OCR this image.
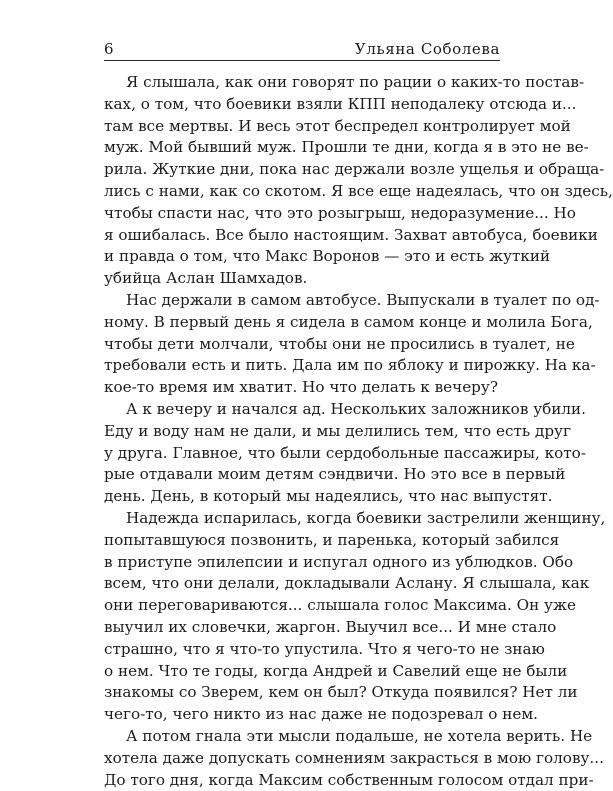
6	Ульяна Соболева
Я слышала, как они говорят по рации о каких-то постав-
ках, о том, что боевики взяли КПП неподалеку отсюда и...
там все мертвы. И весь этот беспредел контролирует мой
муж. Мой бывший муж. Прошли те дни, когда я в это не ве-
рила. Жуткие дни, пока нас держали возле ущелья и обраща-
лись с нами, как со скотом. Я все еще надеялась, что он здесь,
чтобы спасти нас, что это розыгрыш, недоразумение... Но
я ошибалась. Все было настоящим. Захват автобуса, боевики
и правда о том, что Макс Воронов — это и есть жуткий
убийца Аслан Шамхадов.
Нас держали в самом автобусе. Выпускали в туалет по од-
ному. В первый день я сидела в самом конце и молила Бога,
чтобы дети молчали, чтобы они не просились в туалет, не
требовали есть и пить. Дала им по яблоку и пирожку. На ка-
кое-то время им хватит. Но что делать к вечеру?
А к вечеру и начался ад. Нескольких заложников убили.
Еду и воду нам не дали, и мы делились тем, что есть друг
у друга. Главное, что были сердобольные пассажиры, кото-
рые отдавали моим детям сэндвичи. Но это все в первый
день. День, в который мы надеялись, что нас выпустят.
Надежда испарилась, когда боевики застрелили женщину,
попытавшуюся позвонить, и паренька, который забился
в приступе эпилепсии и испугал одного из ублюдков. Обо
всем, что они делали, докладывали Аслану. Я слышала, как
они переговариваются... слышала голос Максима. Он уже
выучил их словечки, жаргон. Выучил все... И мне стало
страшно, что я что-то упустила. Что я чего-то не знаю
о нем. Что те годы, когда Андрей и Савелий еще не были
знакомы со Зверем, кем он был? Откуда появился? Нет ли
чего-то, чего никто из нас даже не подозревал о нем.
А потом гнала эти мысли подальше, не хотела верить. Не
хотела даже допускать сомнениям закрасться в мою голову...
До того дня, когда Максим собственным голосом отдал при-
